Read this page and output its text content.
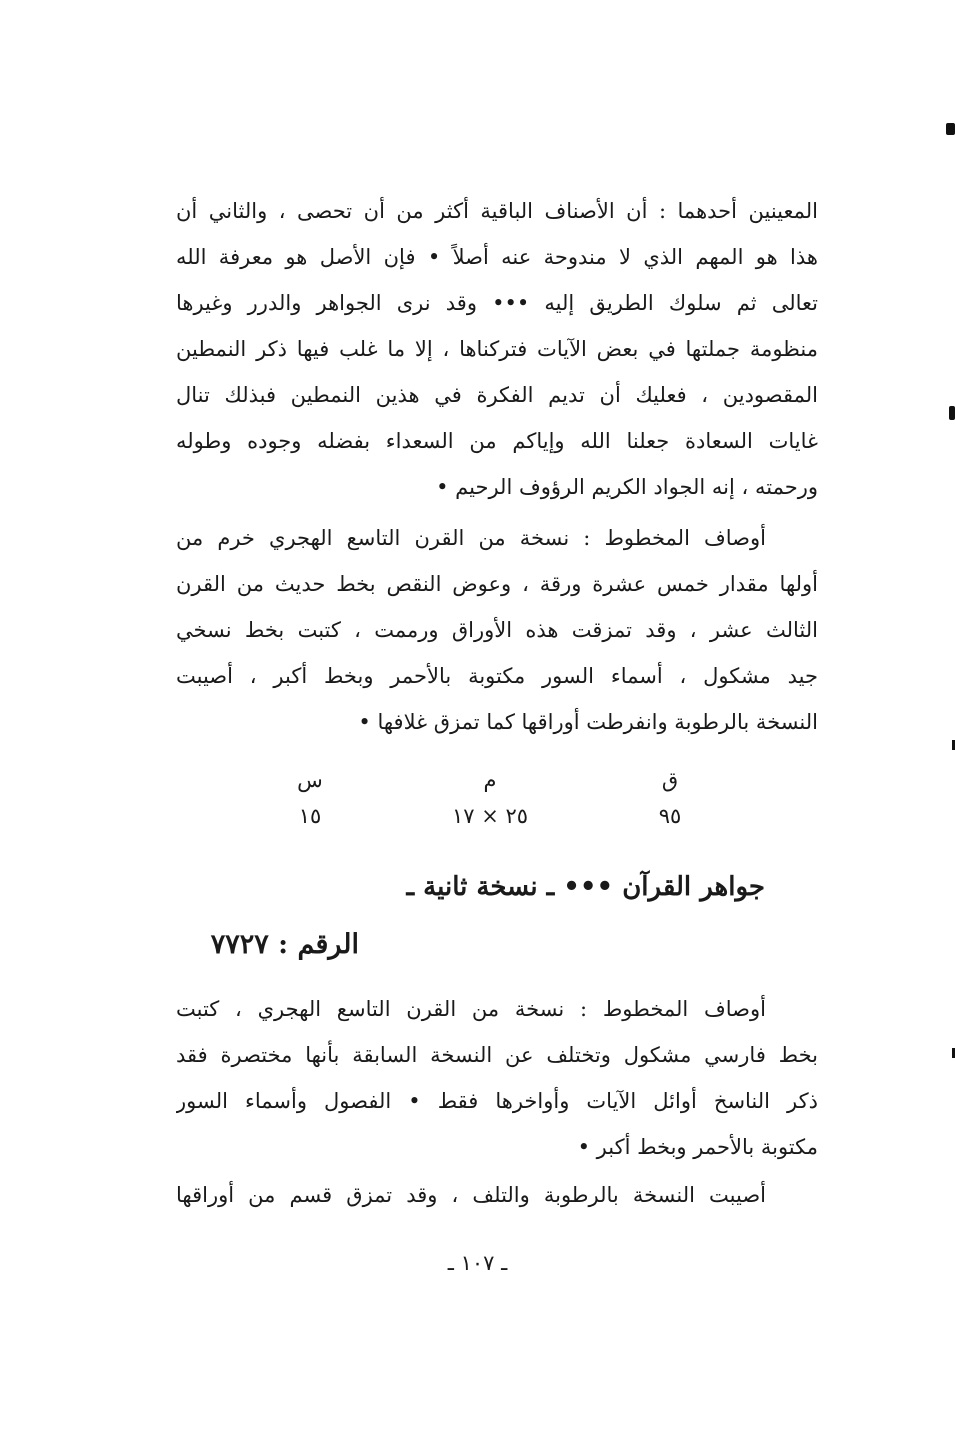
المعينين أحدهما : أن الأصناف الباقية أكثر من أن تحصى ، والثاني أن
هذا هو المهم الذي لا مندوحة عنه أصلاً • فإن الأصل هو معرفة الله
تعالى ثم سلوك الطريق إليه ••• وقد نرى الجواهر والدرر وغيرها
منظومة جملتها في بعض الآيات فتركناها ، إلا ما غلب فيها ذكر النمطين
المقصودين ، فعليك أن تديم الفكرة في هذين النمطين فبذلك تنال
غايات السعادة جعلنا الله وإياكم من السعداء بفضله وجوده وطوله
ورحمته ، إنه الجواد الكريم الرؤوف الرحيم •
أوصاف المخطوط : نسخة من القرن التاسع الهجري خرم من
أولها مقدار خمس عشرة ورقة ، وعوض النقص بخط حديث من القرن
الثالث عشر ، وقد تمزقت هذه الأوراق ورممت ، كتبت بخط نسخي
جيد مشكول ، أسماء السور مكتوبة بالأحمر وبخط أكبر ، أصيبت
النسخة بالرطوبة وانفرطت أوراقها كما تمزق غلافها •
ق
م
س
٩٥
٢٥ × ١٧
١٥
جواهر القرآن ••• ـ نسخة ثانية ـ
الرقم : ٧٧٢٧
أوصاف المخطوط : نسخة من القرن التاسع الهجري ، كتبت
بخط فارسي مشكول وتختلف عن النسخة السابقة بأنها مختصرة فقد
ذكر الناسخ أوائل الآيات وأواخرها فقط • الفصول وأسماء السور
مكتوبة بالأحمر وبخط أكبر •
أصيبت النسخة بالرطوبة والتلف ، وقد تمزق قسم من أوراقها
ـ ١٠٧ ـ
